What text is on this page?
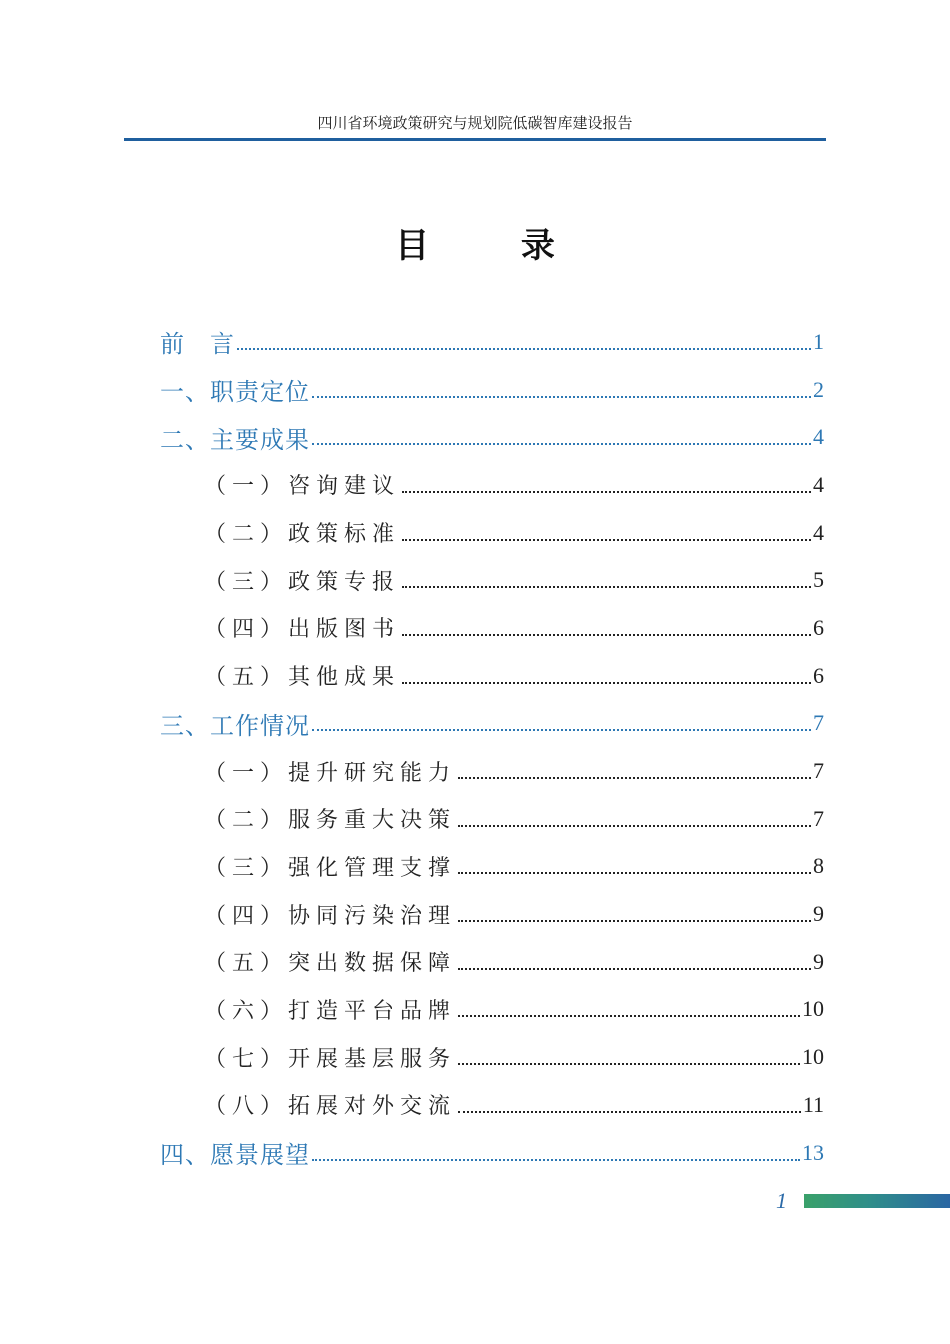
四川省环境政策研究与规划院低碳智库建设报告
目 录
前　言	1
一、职责定位	2
二、主要成果	4
（一）咨询建议	4
（二）政策标准	4
（三）政策专报	5
（四）出版图书	6
（五）其他成果	6
三、工作情况	7
（一）提升研究能力	7
（二）服务重大决策	7
（三）强化管理支撑	8
（四）协同污染治理	9
（五）突出数据保障	9
（六）打造平台品牌	10
（七）开展基层服务	10
（八）拓展对外交流	11
四、愿景展望	13
1
